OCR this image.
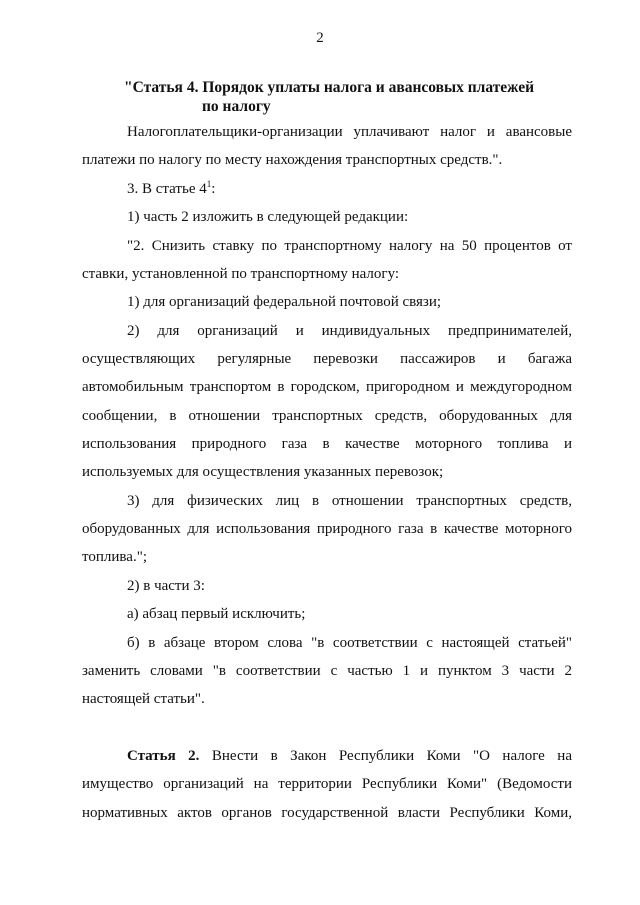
2
"Статья 4. Порядок уплаты налога и авансовых платежей
по налогу
Налогоплательщики-организации уплачивают налог и авансовые
платежи по налогу по месту нахождения транспортных средств.".
3. В статье $4^1$:
1) часть 2 изложить в следующей редакции:
"2. Снизить ставку по транспортному налогу на 50 процентов от
ставки, установленной по транспортному налогу:
1) для организаций федеральной почтовой связи;
2) для организаций и индивидуальных предпринимателей,
осуществляющих регулярные перевозки пассажиров и багажа
автомобильным транспортом в городском, пригородном и междугородном
сообщении, в отношении транспортных средств, оборудованных для
использования природного газа в качестве моторного топлива и
используемых для осуществления указанных перевозок;
3) для физических лиц в отношении транспортных средств,
оборудованных для использования природного газа в качестве моторного
топлива.";
2) в части 3:
а) абзац первый исключить;
б) в абзаце втором слова "в соответствии с настоящей статьей"
заменить словами "в соответствии с частью 1 и пунктом 3 части 2
настоящей статьи".
Статья 2. Внести в Закон Республики Коми "О налоге на
имущество организаций на территории Республики Коми" (Ведомости
нормативных актов органов государственной власти Республики Коми,
